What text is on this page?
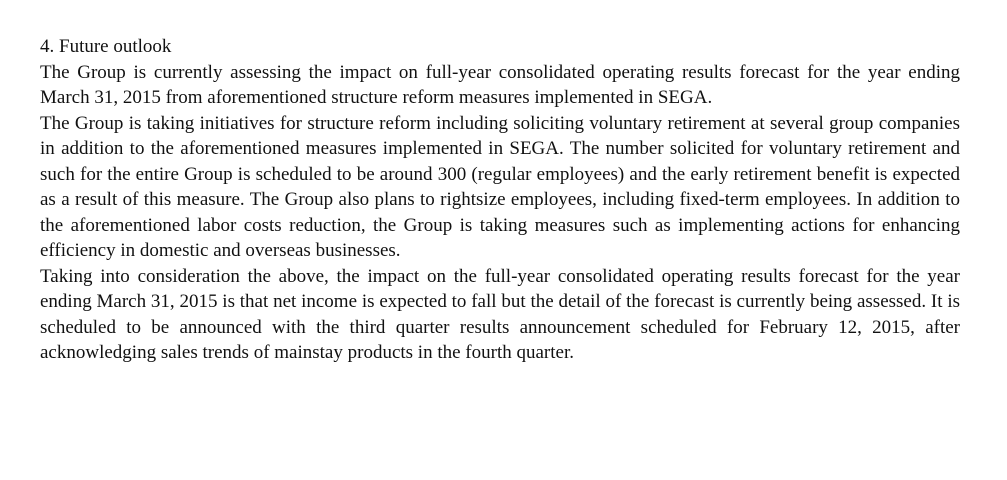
4. Future outlook

The Group is currently assessing the impact on full-year consolidated operating results forecast for the year ending March 31, 2015 from aforementioned structure reform measures implemented in SEGA.

The Group is taking initiatives for structure reform including soliciting voluntary retirement at several group companies in addition to the aforementioned measures implemented in SEGA. The number solicited for voluntary retirement and such for the entire Group is scheduled to be around 300 (regular employees) and the early retirement benefit is expected as a result of this measure. The Group also plans to rightsize employees, including fixed-term employees. In addition to the aforementioned labor costs reduction, the Group is taking measures such as implementing actions for enhancing efficiency in domestic and overseas businesses.

Taking into consideration the above, the impact on the full-year consolidated operating results forecast for the year ending March 31, 2015 is that net income is expected to fall but the detail of the forecast is currently being assessed. It is scheduled to be announced with the third quarter results announcement scheduled for February 12, 2015, after acknowledging sales trends of mainstay products in the fourth quarter.
